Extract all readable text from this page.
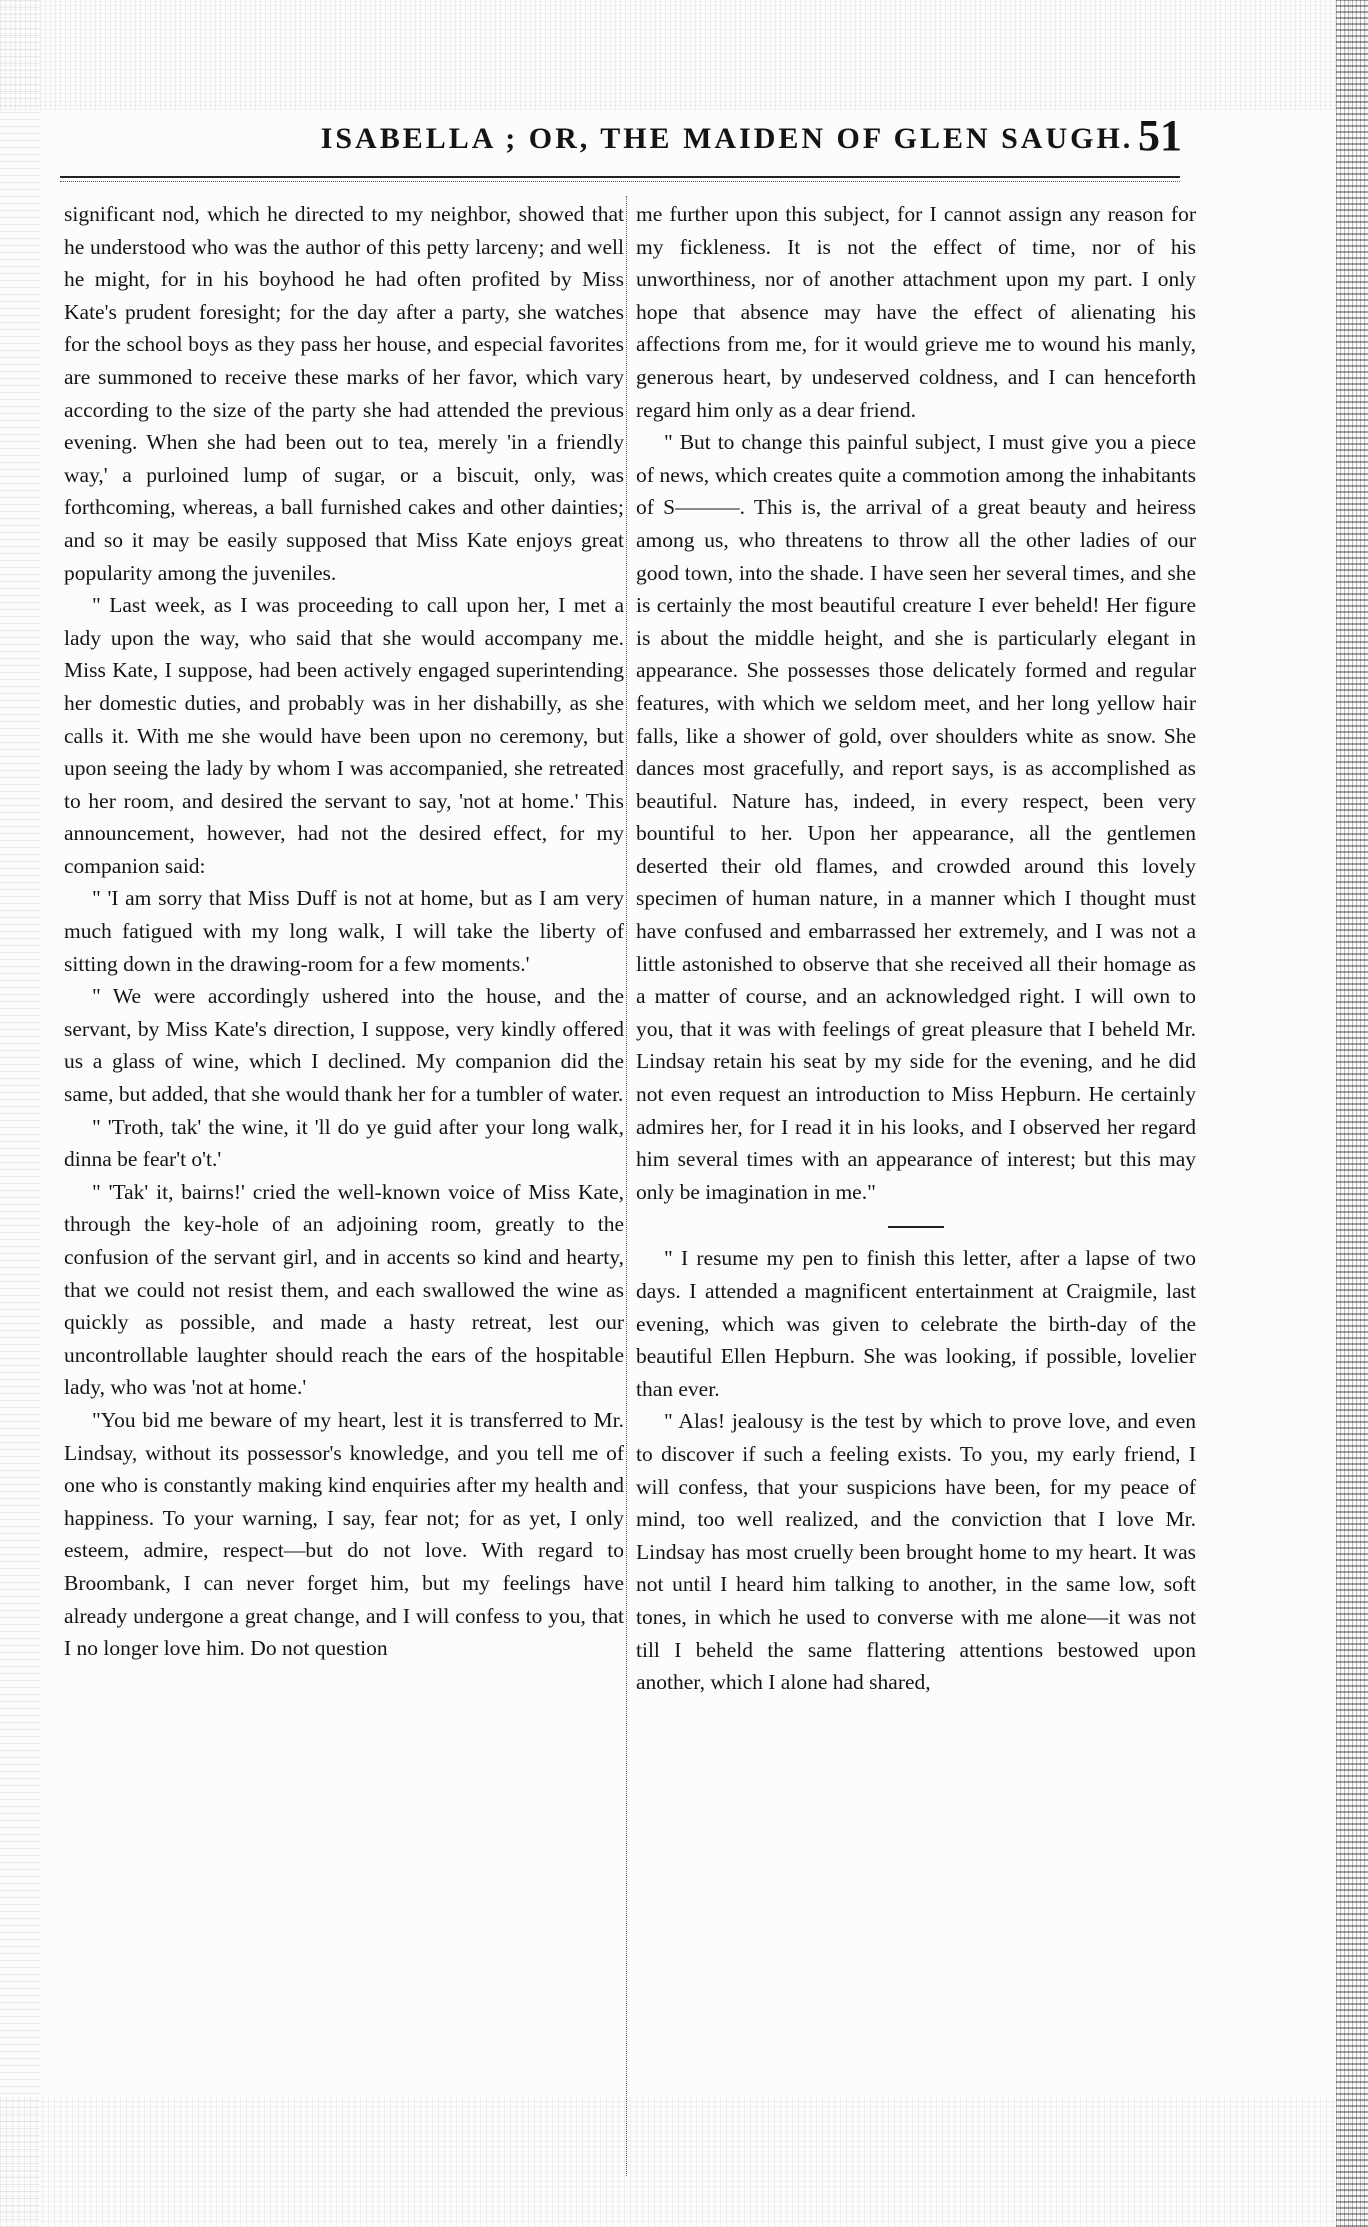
ISABELLA ; OR, THE MAIDEN OF GLEN SAUGH. 51

significant nod, which he directed to my neighbor, showed that he understood who was the author of this petty larceny; and well he might, for in his boyhood he had often profited by Miss Kate's prudent foresight; for the day after a party, she watches for the school boys as they pass her house, and especial favorites are summoned to receive these marks of her favor, which vary according to the size of the party she had attended the previous evening. When she had been out to tea, merely 'in a friendly way,' a purloined lump of sugar, or a biscuit, only, was forthcoming, whereas, a ball furnished cakes and other dainties; and so it may be easily supposed that Miss Kate enjoys great popularity among the juveniles.

" Last week, as I was proceeding to call upon her, I met a lady upon the way, who said that she would accompany me. Miss Kate, I suppose, had been actively engaged superintending her domestic duties, and probably was in her dishabilly, as she calls it. With me she would have been upon no ceremony, but upon seeing the lady by whom I was accompanied, she retreated to her room, and desired the servant to say, 'not at home.' This announcement, however, had not the desired effect, for my companion said:

" 'I am sorry that Miss Duff is not at home, but as I am very much fatigued with my long walk, I will take the liberty of sitting down in the drawing-room for a few moments.'

" We were accordingly ushered into the house, and the servant, by Miss Kate's direction, I suppose, very kindly offered us a glass of wine, which I declined. My companion did the same, but added, that she would thank her for a tumbler of water.

" 'Troth, tak' the wine, it 'll do ye guid after your long walk, dinna be fear't o't.'

" 'Tak' it, bairns!' cried the well-known voice of Miss Kate, through the key-hole of an adjoining room, greatly to the confusion of the servant girl, and in accents so kind and hearty, that we could not resist them, and each swallowed the wine as quickly as possible, and made a hasty retreat, lest our uncontrollable laughter should reach the ears of the hospitable lady, who was 'not at home.'

"You bid me beware of my heart, lest it is transferred to Mr. Lindsay, without its possessor's knowledge, and you tell me of one who is constantly making kind enquiries after my health and happiness. To your warning, I say, fear not; for as yet, I only esteem, admire, respect—but do not love. With regard to Broombank, I can never forget him, but my feelings have already undergone a great change, and I will confess to you, that I no longer love him. Do not question

me further upon this subject, for I cannot assign any reason for my fickleness. It is not the effect of time, nor of his unworthiness, nor of another attachment upon my part. I only hope that absence may have the effect of alienating his affections from me, for it would grieve me to wound his manly, generous heart, by undeserved coldness, and I can henceforth regard him only as a dear friend.

" But to change this painful subject, I must give you a piece of news, which creates quite a commotion among the inhabitants of S———. This is, the arrival of a great beauty and heiress among us, who threatens to throw all the other ladies of our good town, into the shade. I have seen her several times, and she is certainly the most beautiful creature I ever beheld! Her figure is about the middle height, and she is particularly elegant in appearance. She possesses those delicately formed and regular features, with which we seldom meet, and her long yellow hair falls, like a shower of gold, over shoulders white as snow. She dances most gracefully, and report says, is as accomplished as beautiful. Nature has, indeed, in every respect, been very bountiful to her. Upon her appearance, all the gentlemen deserted their old flames, and crowded around this lovely specimen of human nature, in a manner which I thought must have confused and embarrassed her extremely, and I was not a little astonished to observe that she received all their homage as a matter of course, and an acknowledged right. I will own to you, that it was with feelings of great pleasure that I beheld Mr. Lindsay retain his seat by my side for the evening, and he did not even request an introduction to Miss Hepburn. He certainly admires her, for I read it in his looks, and I observed her regard him several times with an appearance of interest; but this may only be imagination in me."

" I resume my pen to finish this letter, after a lapse of two days. I attended a magnificent entertainment at Craigmile, last evening, which was given to celebrate the birth-day of the beautiful Ellen Hepburn. She was looking, if possible, lovelier than ever.

" Alas! jealousy is the test by which to prove love, and even to discover if such a feeling exists. To you, my early friend, I will confess, that your suspicions have been, for my peace of mind, too well realized, and the conviction that I love Mr. Lindsay has most cruelly been brought home to my heart. It was not until I heard him talking to another, in the same low, soft tones, in which he used to converse with me alone—it was not till I beheld the same flattering attentions bestowed upon another, which I alone had shared,
